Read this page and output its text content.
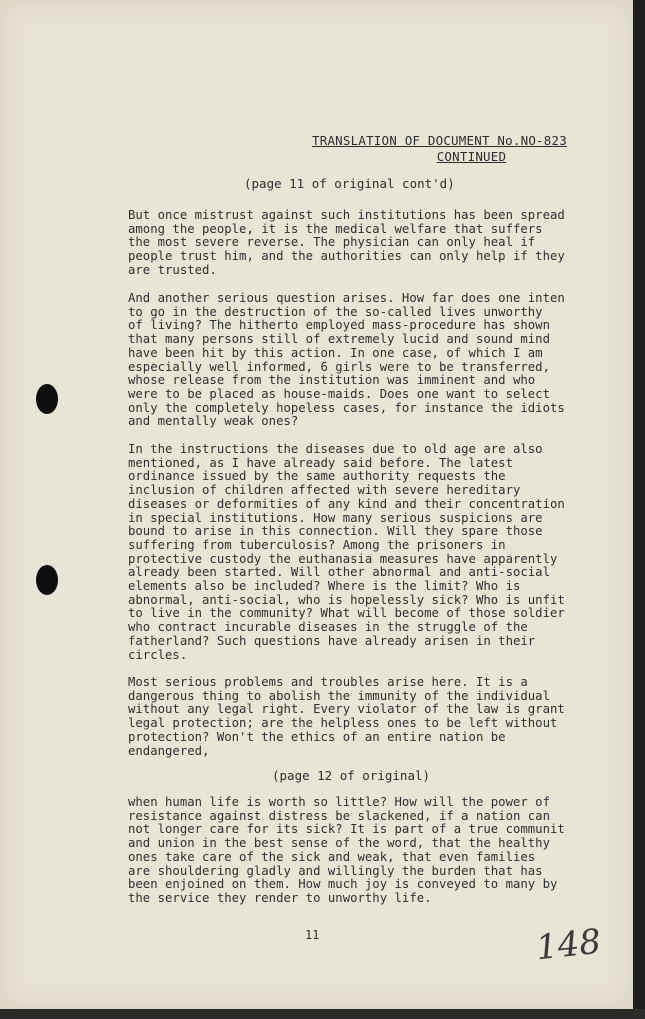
TRANSLATION OF DOCUMENT No.NO-823
CONTINUED
(page 11 of original cont'd)
But once mistrust against such institutions has been spread
among the people, it is the medical welfare that suffers
the most severe reverse. The physician can only heal if
people trust him, and the authorities can only help if they
are trusted.
And another serious question arises. How far does one inten
to go in the destruction of the so-called lives unworthy
of living? The hitherto employed mass-procedure has shown
that many persons still of extremely lucid and sound mind
have been hit by this action. In one case, of which I am
especially well informed, 6 girls were to be transferred,
whose release from the institution was imminent and who
were to be placed as house-maids. Does one want to select
only the completely hopeless cases, for instance the idiots
and mentally weak ones?
In the instructions the diseases due to old age are also
mentioned, as I have already said before. The latest
ordinance issued by the same authority requests the
inclusion of children affected with severe hereditary
diseases or deformities of any kind and their concentration
in special institutions. How many serious suspicions are
bound to arise in this connection. Will they spare those
suffering from tuberculosis? Among the prisoners in
protective custody the euthanasia measures have apparently
already been started. Will other abnormal and anti-social
elements also be included? Where is the limit? Who is
abnormal, anti-social, who is hopelessly sick? Who is unfit
to live in the community? What will become of those soldier
who contract incurable diseases in the struggle of the
fatherland? Such questions have already arisen in their
circles.
Most serious problems and troubles arise here. It is a
dangerous thing to abolish the immunity of the individual
without any legal right. Every violator of the law is grant
legal protection; are the helpless ones to be left without
protection? Won't the ethics of an entire nation be
endangered,
(page 12 of original)
when human life is worth so little? How will the power of
resistance against distress be slackened, if a nation can
not longer care for its sick? It is part of a true communit
and union in the best sense of the word, that the healthy
ones take care of the sick and weak, that even families
are shouldering gladly and willingly the burden that has
been enjoined on them. How much joy is conveyed to many by
the service they render to unworthy life.
11	148
